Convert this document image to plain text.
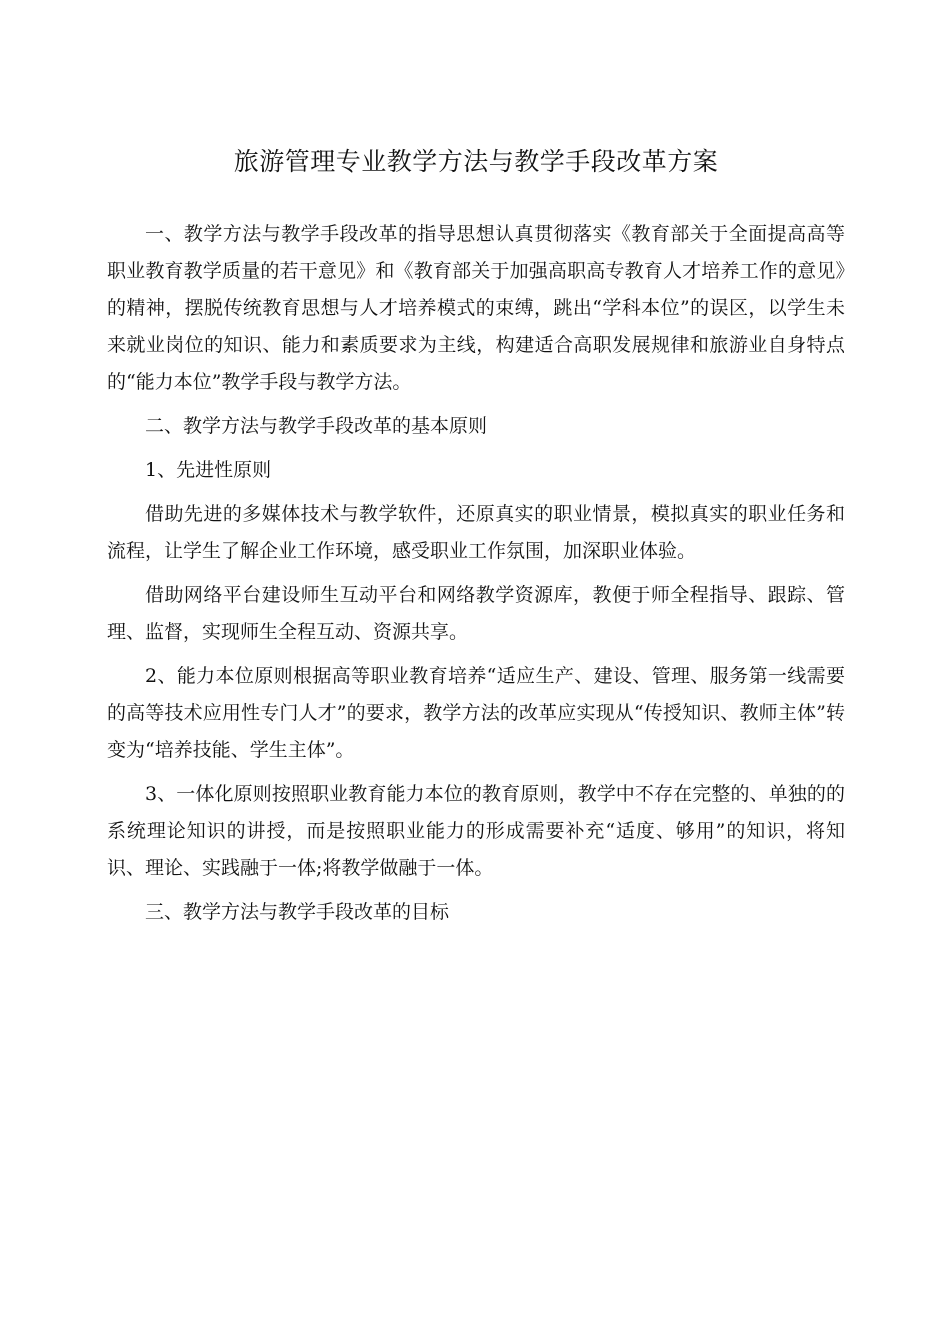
旅游管理专业教学方法与教学手段改革方案

一、教学方法与教学手段改革的指导思想认真贯彻落实《教育部关于全面提高高等职业教育教学质量的若干意见》和《教育部关于加强高职高专教育人才培养工作的意见》的精神，摆脱传统教育思想与人才培养模式的束缚，跳出“学科本位”的误区，以学生未来就业岗位的知识、能力和素质要求为主线，构建适合高职发展规律和旅游业自身特点的“能力本位”教学手段与教学方法。

二、教学方法与教学手段改革的基本原则

1、先进性原则

借助先进的多媒体技术与教学软件，还原真实的职业情景，模拟真实的职业任务和流程，让学生了解企业工作环境，感受职业工作氛围，加深职业体验。

借助网络平台建设师生互动平台和网络教学资源库，教便于师全程指导、跟踪、管理、监督，实现师生全程互动、资源共享。

2、能力本位原则根据高等职业教育培养“适应生产、建设、管理、服务第一线需要的高等技术应用性专门人才”的要求，教学方法的改革应实现从“传授知识、教师主体”转变为“培养技能、学生主体”。

3、一体化原则按照职业教育能力本位的教育原则，教学中不存在完整的、单独的的系统理论知识的讲授，而是按照职业能力的形成需要补充“适度、够用”的知识，将知识、理论、实践融于一体;将教学做融于一体。

三、教学方法与教学手段改革的目标
